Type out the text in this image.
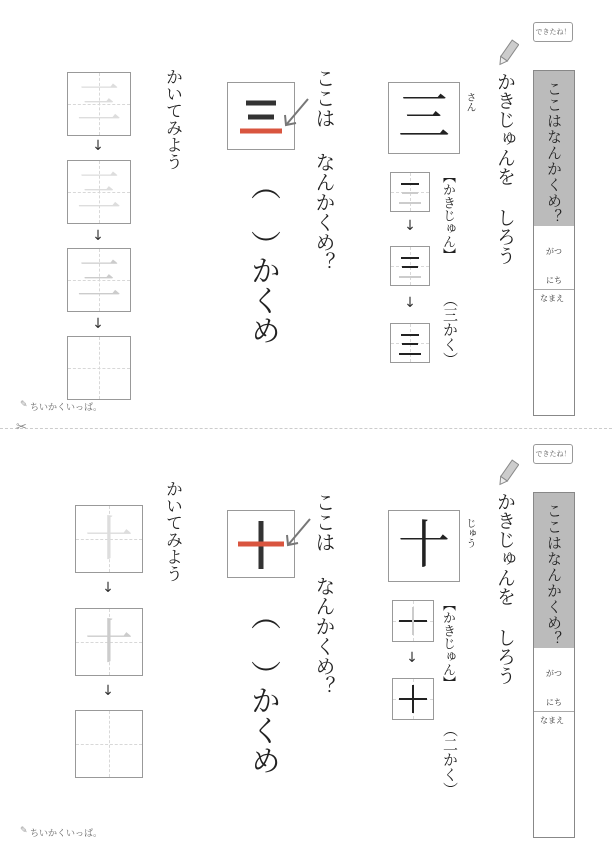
ここはなんかくめ？
がつ
にち
なまえ
できたね！
かきじゅんを しろう
三	さん
【かきじゅん】
（三かく）
↓
↓
ここは なんかくめ？
（　）
かくめ
かいてみよう
三
↓
三
↓
三
↓
ちいかくいっぱ。
✎
✂
ここはなんかくめ？
がつ
にち
なまえ
できたね！
かきじゅんを しろう
十	じゅう
【かきじゅん】
（二かく）
↓
ここは なんかくめ？
（　）
かくめ
かいてみよう
十
↓
十
↓
ちいかくいっぱ。
✎
